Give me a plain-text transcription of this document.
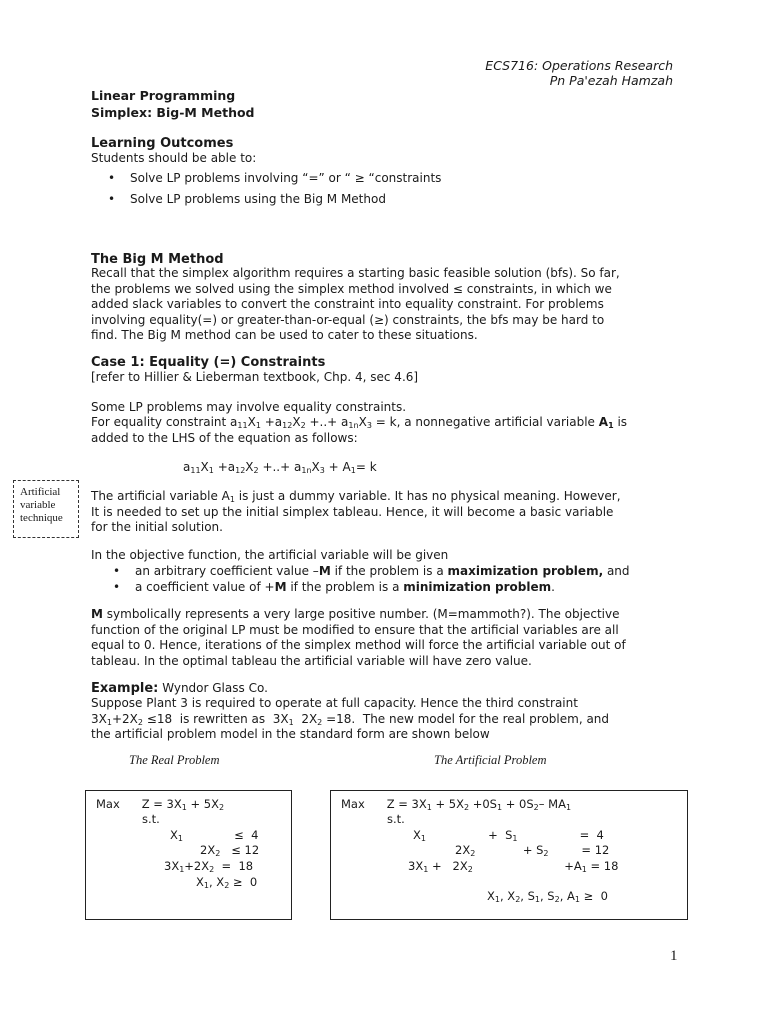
ECS716: Operations Research
Pn Pa'ezah Hamzah
Linear Programming
Simplex: Big-M Method
Learning Outcomes
Students should be able to:
• Solve LP problems involving “=” or “ ≥ “constraints
• Solve LP problems using the Big M Method
The Big M Method
Recall that the simplex algorithm requires a starting basic feasible solution (bfs). So far,
the problems we solved using the simplex method involved ≤ constraints, in which we
added slack variables to convert the constraint into equality constraint. For problems
involving equality(=) or greater-than-or-equal (≥) constraints, the bfs may be hard to
find. The Big M method can be used to cater to these situations.
Case 1: Equality (=) Constraints
[refer to Hillier & Lieberman textbook, Chp. 4, sec 4.6]
Some LP problems may involve equality constraints.
For equality constraint $a_{11}X_1 +a_{12}X_2$ +..+ $a_{1n}X_3 = k$, a nonnegative artificial variable $A_1$ is
added to the LHS of the equation as follows:
$a_{11}X_1 +a_{12}X_2$ +..+ $a_{1n}X_3 + A_1= k$
Artificial
variable
technique
The artificial variable $A_1$ is just a dummy variable. It has no physical meaning. However,
It is needed to set up the initial simplex tableau. Hence, it will become a basic variable
for the initial solution.
In the objective function, the artificial variable will be given
• an arbitrary coefficient value –M if the problem is a maximization problem, and
• a coefficient value of +M if the problem is a minimization problem.
M symbolically represents a very large positive number. (M=mammoth?). The objective
function of the original LP must be modified to ensure that the artificial variables are all
equal to 0. Hence, iterations of the simplex method will force the artificial variable out of
tableau. In the optimal tableau the artificial variable will have zero value.
Example: Wyndor Glass Co.
Suppose Plant 3 is required to operate at full capacity. Hence the third constraint
$3X_1+2X_2 \le 18$  is rewritten as  $3X_1$  $2X_2 =18$.  The new model for the real problem, and
the artificial problem model in the standard form are shown below
The Real Problem	The Artificial Problem
Max      $Z = 3X_1 + 5X_2$
s.t.
$X_1$              ≤  4
$2X_2 \le 12$
$3X_1+2X_2 = 18$
$X_1$, $X_2 \ge 0$
Max      $Z = 3X_1 + 5X_2 +0S_1 + 0S_2-$ $MA_1$
s.t.
$X_1$                 +  $S_1$                 =  4
$2X_2$             + $S_2$         = 12
$3X_1 + 2X_2$                         $+A_1 = 18$
$X_1$, $X_2$, $S_1$, $S_2$, $A_1 \ge 0$
1
